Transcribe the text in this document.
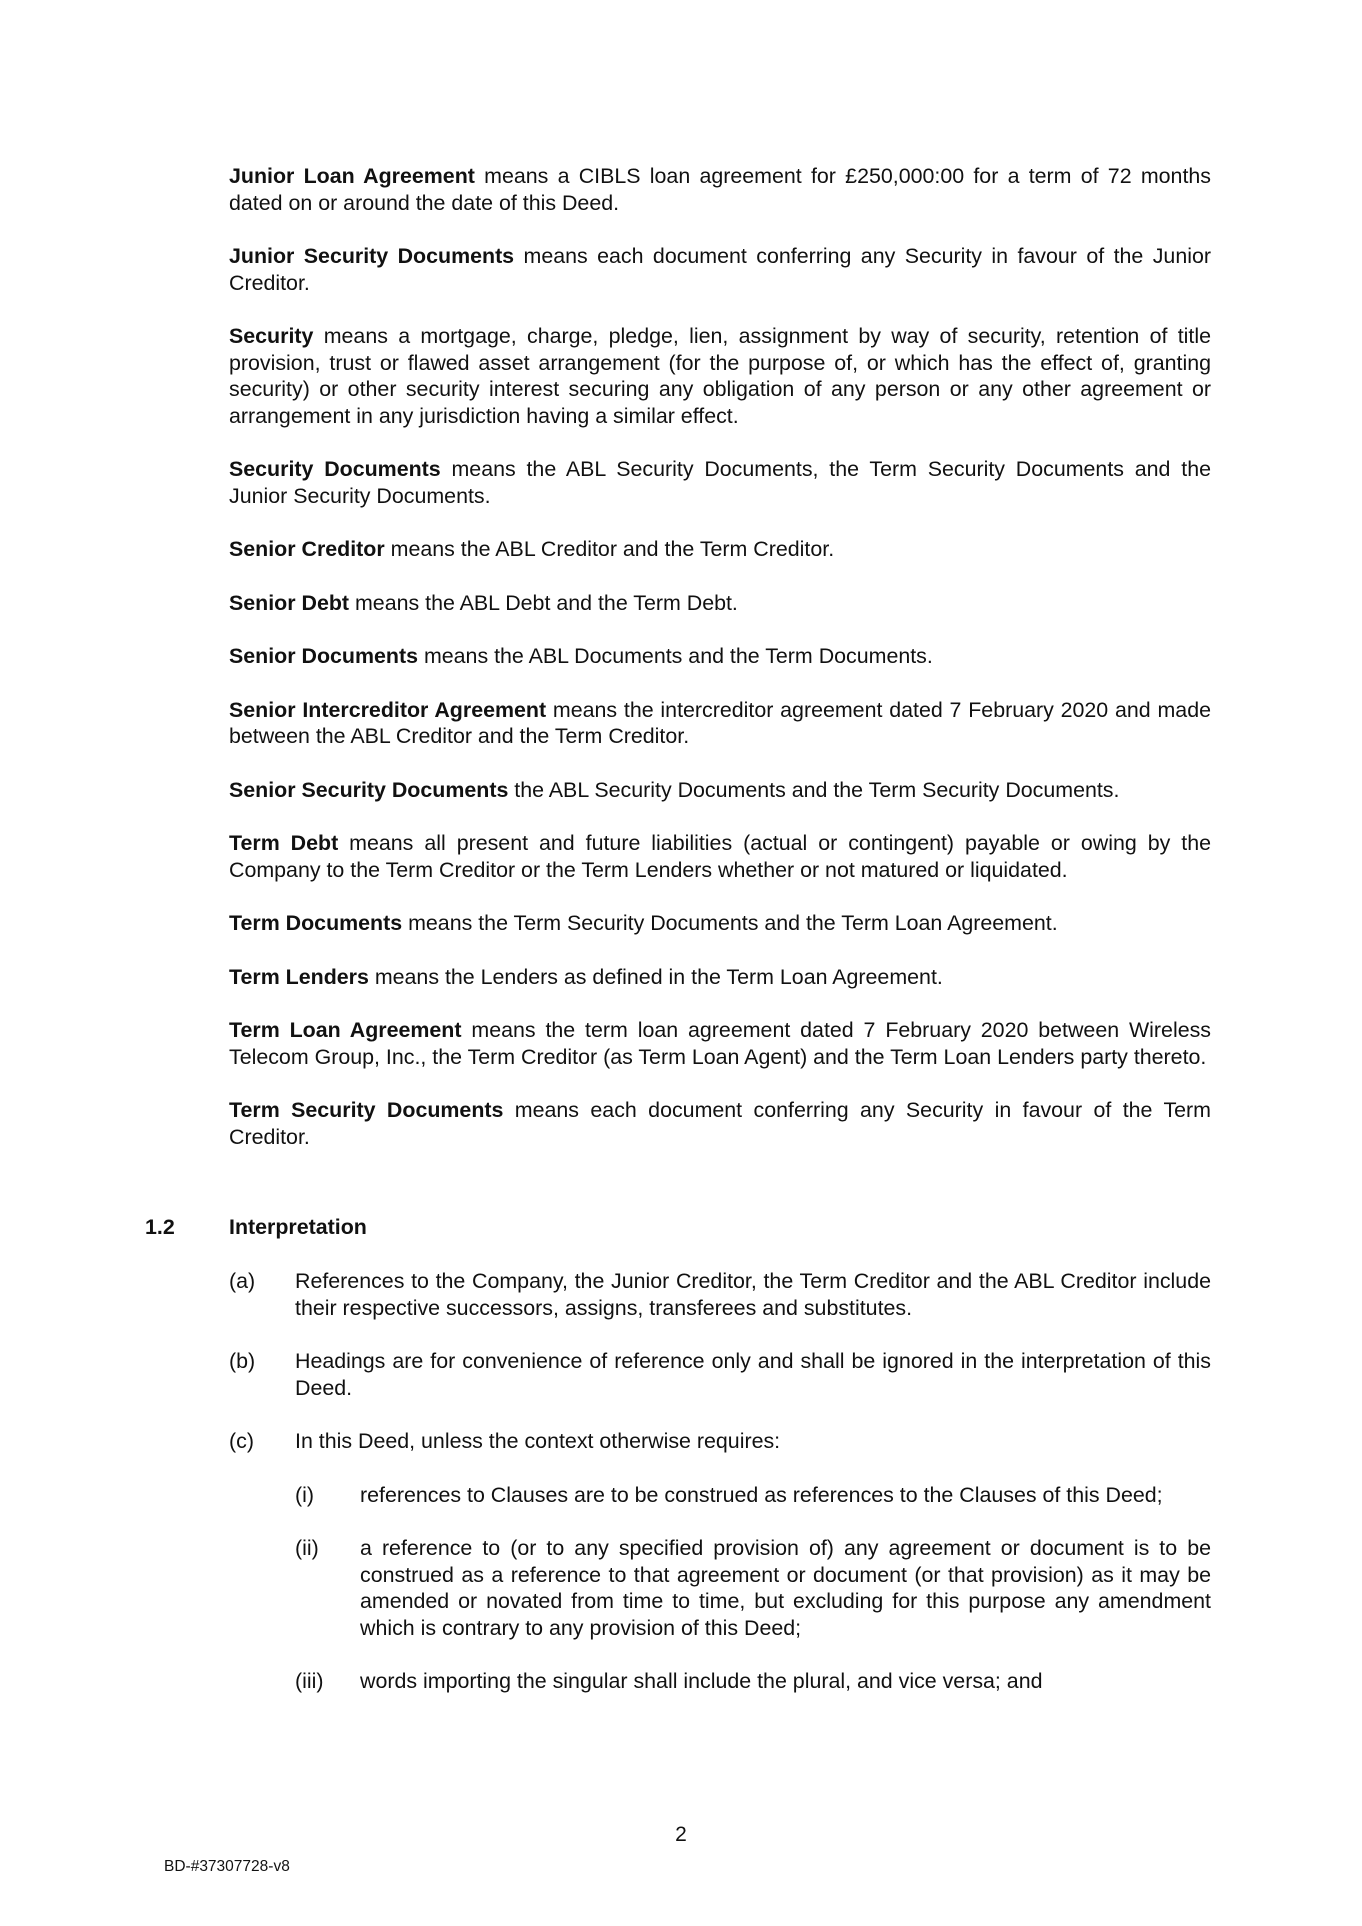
Junior Loan Agreement means a CIBLS loan agreement for £250,000:00 for a term of 72 months dated on or around the date of this Deed.

Junior Security Documents means each document conferring any Security in favour of the Junior Creditor.

Security means a mortgage, charge, pledge, lien, assignment by way of security, retention of title provision, trust or flawed asset arrangement (for the purpose of, or which has the effect of, granting security) or other security interest securing any obligation of any person or any other agreement or arrangement in any jurisdiction having a similar effect.

Security Documents means the ABL Security Documents, the Term Security Documents and the Junior Security Documents.

Senior Creditor means the ABL Creditor and the Term Creditor.

Senior Debt means the ABL Debt and the Term Debt.

Senior Documents means the ABL Documents and the Term Documents.

Senior Intercreditor Agreement means the intercreditor agreement dated 7 February 2020 and made between the ABL Creditor and the Term Creditor.

Senior Security Documents the ABL Security Documents and the Term Security Documents.

Term Debt means all present and future liabilities (actual or contingent) payable or owing by the Company to the Term Creditor or the Term Lenders whether or not matured or liquidated.

Term Documents means the Term Security Documents and the Term Loan Agreement.

Term Lenders means the Lenders as defined in the Term Loan Agreement.

Term Loan Agreement means the term loan agreement dated 7 February 2020 between Wireless Telecom Group, Inc., the Term Creditor (as Term Loan Agent) and the Term Loan Lenders party thereto.

Term Security Documents means each document conferring any Security in favour of the Term Creditor.

1.2	Interpretation
(a) References to the Company, the Junior Creditor, the Term Creditor and the ABL Creditor include their respective successors, assigns, transferees and substitutes.
(b) Headings are for convenience of reference only and shall be ignored in the interpretation of this Deed.
(c) In this Deed, unless the context otherwise requires:
(i) references to Clauses are to be construed as references to the Clauses of this Deed;
(ii) a reference to (or to any specified provision of) any agreement or document is to be construed as a reference to that agreement or document (or that provision) as it may be amended or novated from time to time, but excluding for this purpose any amendment which is contrary to any provision of this Deed;
(iii) words importing the singular shall include the plural, and vice versa; and
2
BD-#37307728-v8
